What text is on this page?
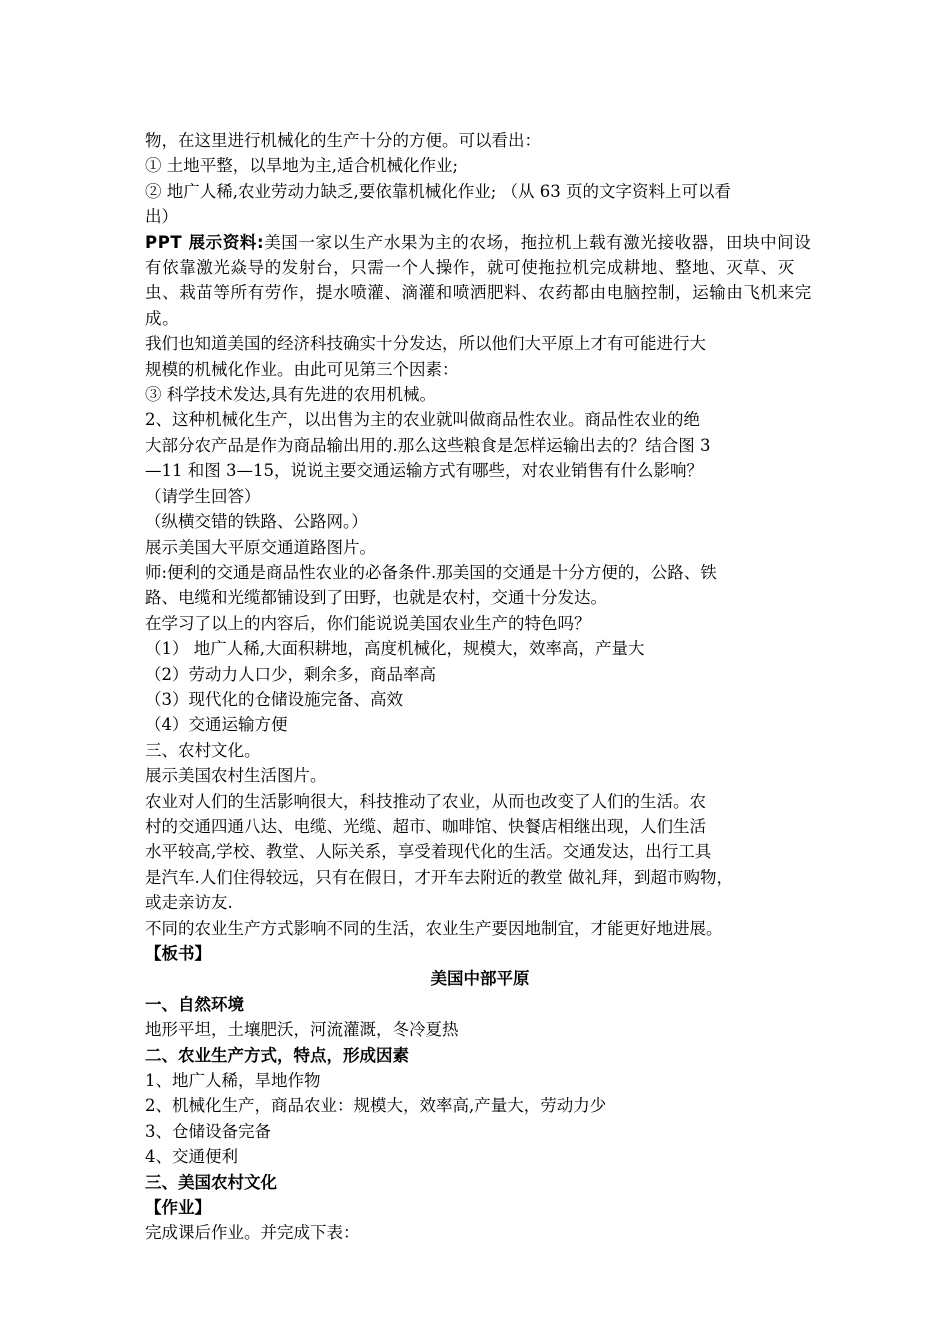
物，在这里进行机械化的生产十分的方便。可以看出：
① 土地平整，以旱地为主,适合机械化作业;
② 地广人稀,农业劳动力缺乏,要依靠机械化作业; （从 63 页的文字资料上可以看
出）
PPT 展示资料:美国一家以生产水果为主的农场，拖拉机上载有激光接收器，田块中间设有依靠激光焱导的发射台，只需一个人操作，就可使拖拉机完成耕地、整地、灭草、灭虫、栽苗等所有劳作，提水喷灌、滴灌和喷洒肥料、农药都由电脑控制，运输由飞机来完成。
我们也知道美国的经济科技确实十分发达，所以他们大平原上才有可能进行大
规模的机械化作业。由此可见第三个因素：
③ 科学技术发达,具有先进的农用机械。
2、这种机械化生产，以出售为主的农业就叫做商品性农业。商品性农业的绝
大部分农产品是作为商品输出用的.那么这些粮食是怎样运输出去的？结合图 3
—11 和图 3—15，说说主要交通运输方式有哪些，对农业销售有什么影响？
（请学生回答）
（纵横交错的铁路、公路网。）
展示美国大平原交通道路图片。
师:便利的交通是商品性农业的必备条件.那美国的交通是十分方便的，公路、铁
路、电缆和光缆都铺设到了田野，也就是农村，交通十分发达。
在学习了以上的内容后，你们能说说美国农业生产的特色吗？
（1） 地广人稀,大面积耕地，高度机械化，规模大，效率高，产量大
（2）劳动力人口少，剩余多，商品率高
（3）现代化的仓储设施完备、高效
（4）交通运输方便
三、农村文化。
展示美国农村生活图片。
农业对人们的生活影响很大，科技推动了农业，从而也改变了人们的生活。农
村的交通四通八达、电缆、光缆、超市、咖啡馆、快餐店相继出现，人们生活
水平较高,学校、教堂、人际关系，享受着现代化的生活。交通发达，出行工具
是汽车.人们住得较远，只有在假日，才开车去附近的教堂 做礼拜，到超市购物，
或走亲访友.
不同的农业生产方式影响不同的生活，农业生产要因地制宜，才能更好地进展。
【板书】
美国中部平原
一、自然环境
地形平坦，土壤肥沃，河流灌溉，冬冷夏热
二、农业生产方式，特点，形成因素
1、地广人稀，旱地作物
2、机械化生产，商品农业：规模大，效率高,产量大，劳动力少
3、仓储设备完备
4、交通便利
三、美国农村文化
【作业】
完成课后作业。并完成下表：
